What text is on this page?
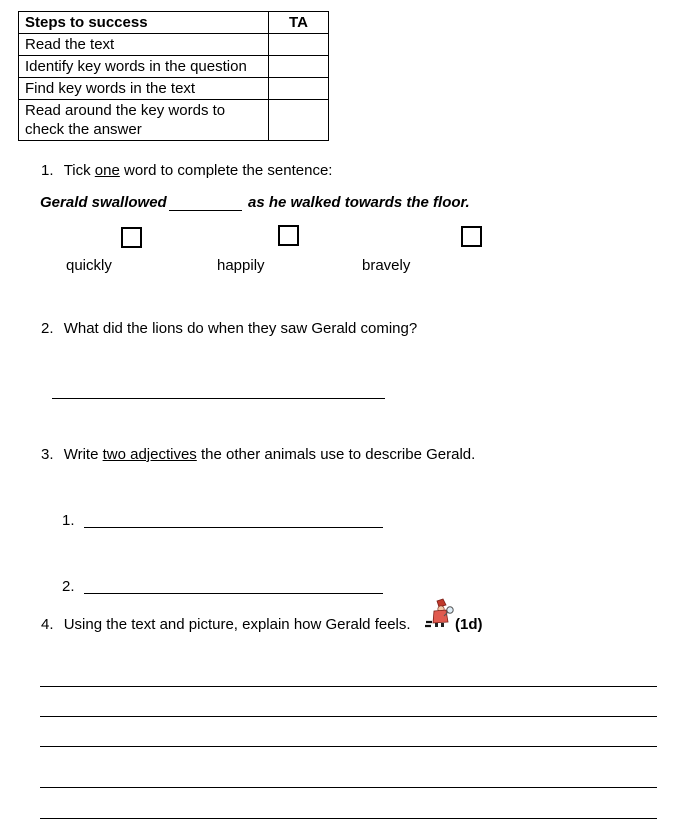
Steps to success	TA
Read the text	
Identify key words in the question	
Find key words in the text	
Read around the key words to check the answer	
1. Tick one word to complete the sentence:
Gerald swallowed	as he walked towards the floor.
quickly	happily	bravely
2. What did the lions do when they saw Gerald coming?
3. Write two adjectives the other animals use to describe Gerald.
1.
2.
4. Using the text and picture, explain how Gerald feels.	(1d)
